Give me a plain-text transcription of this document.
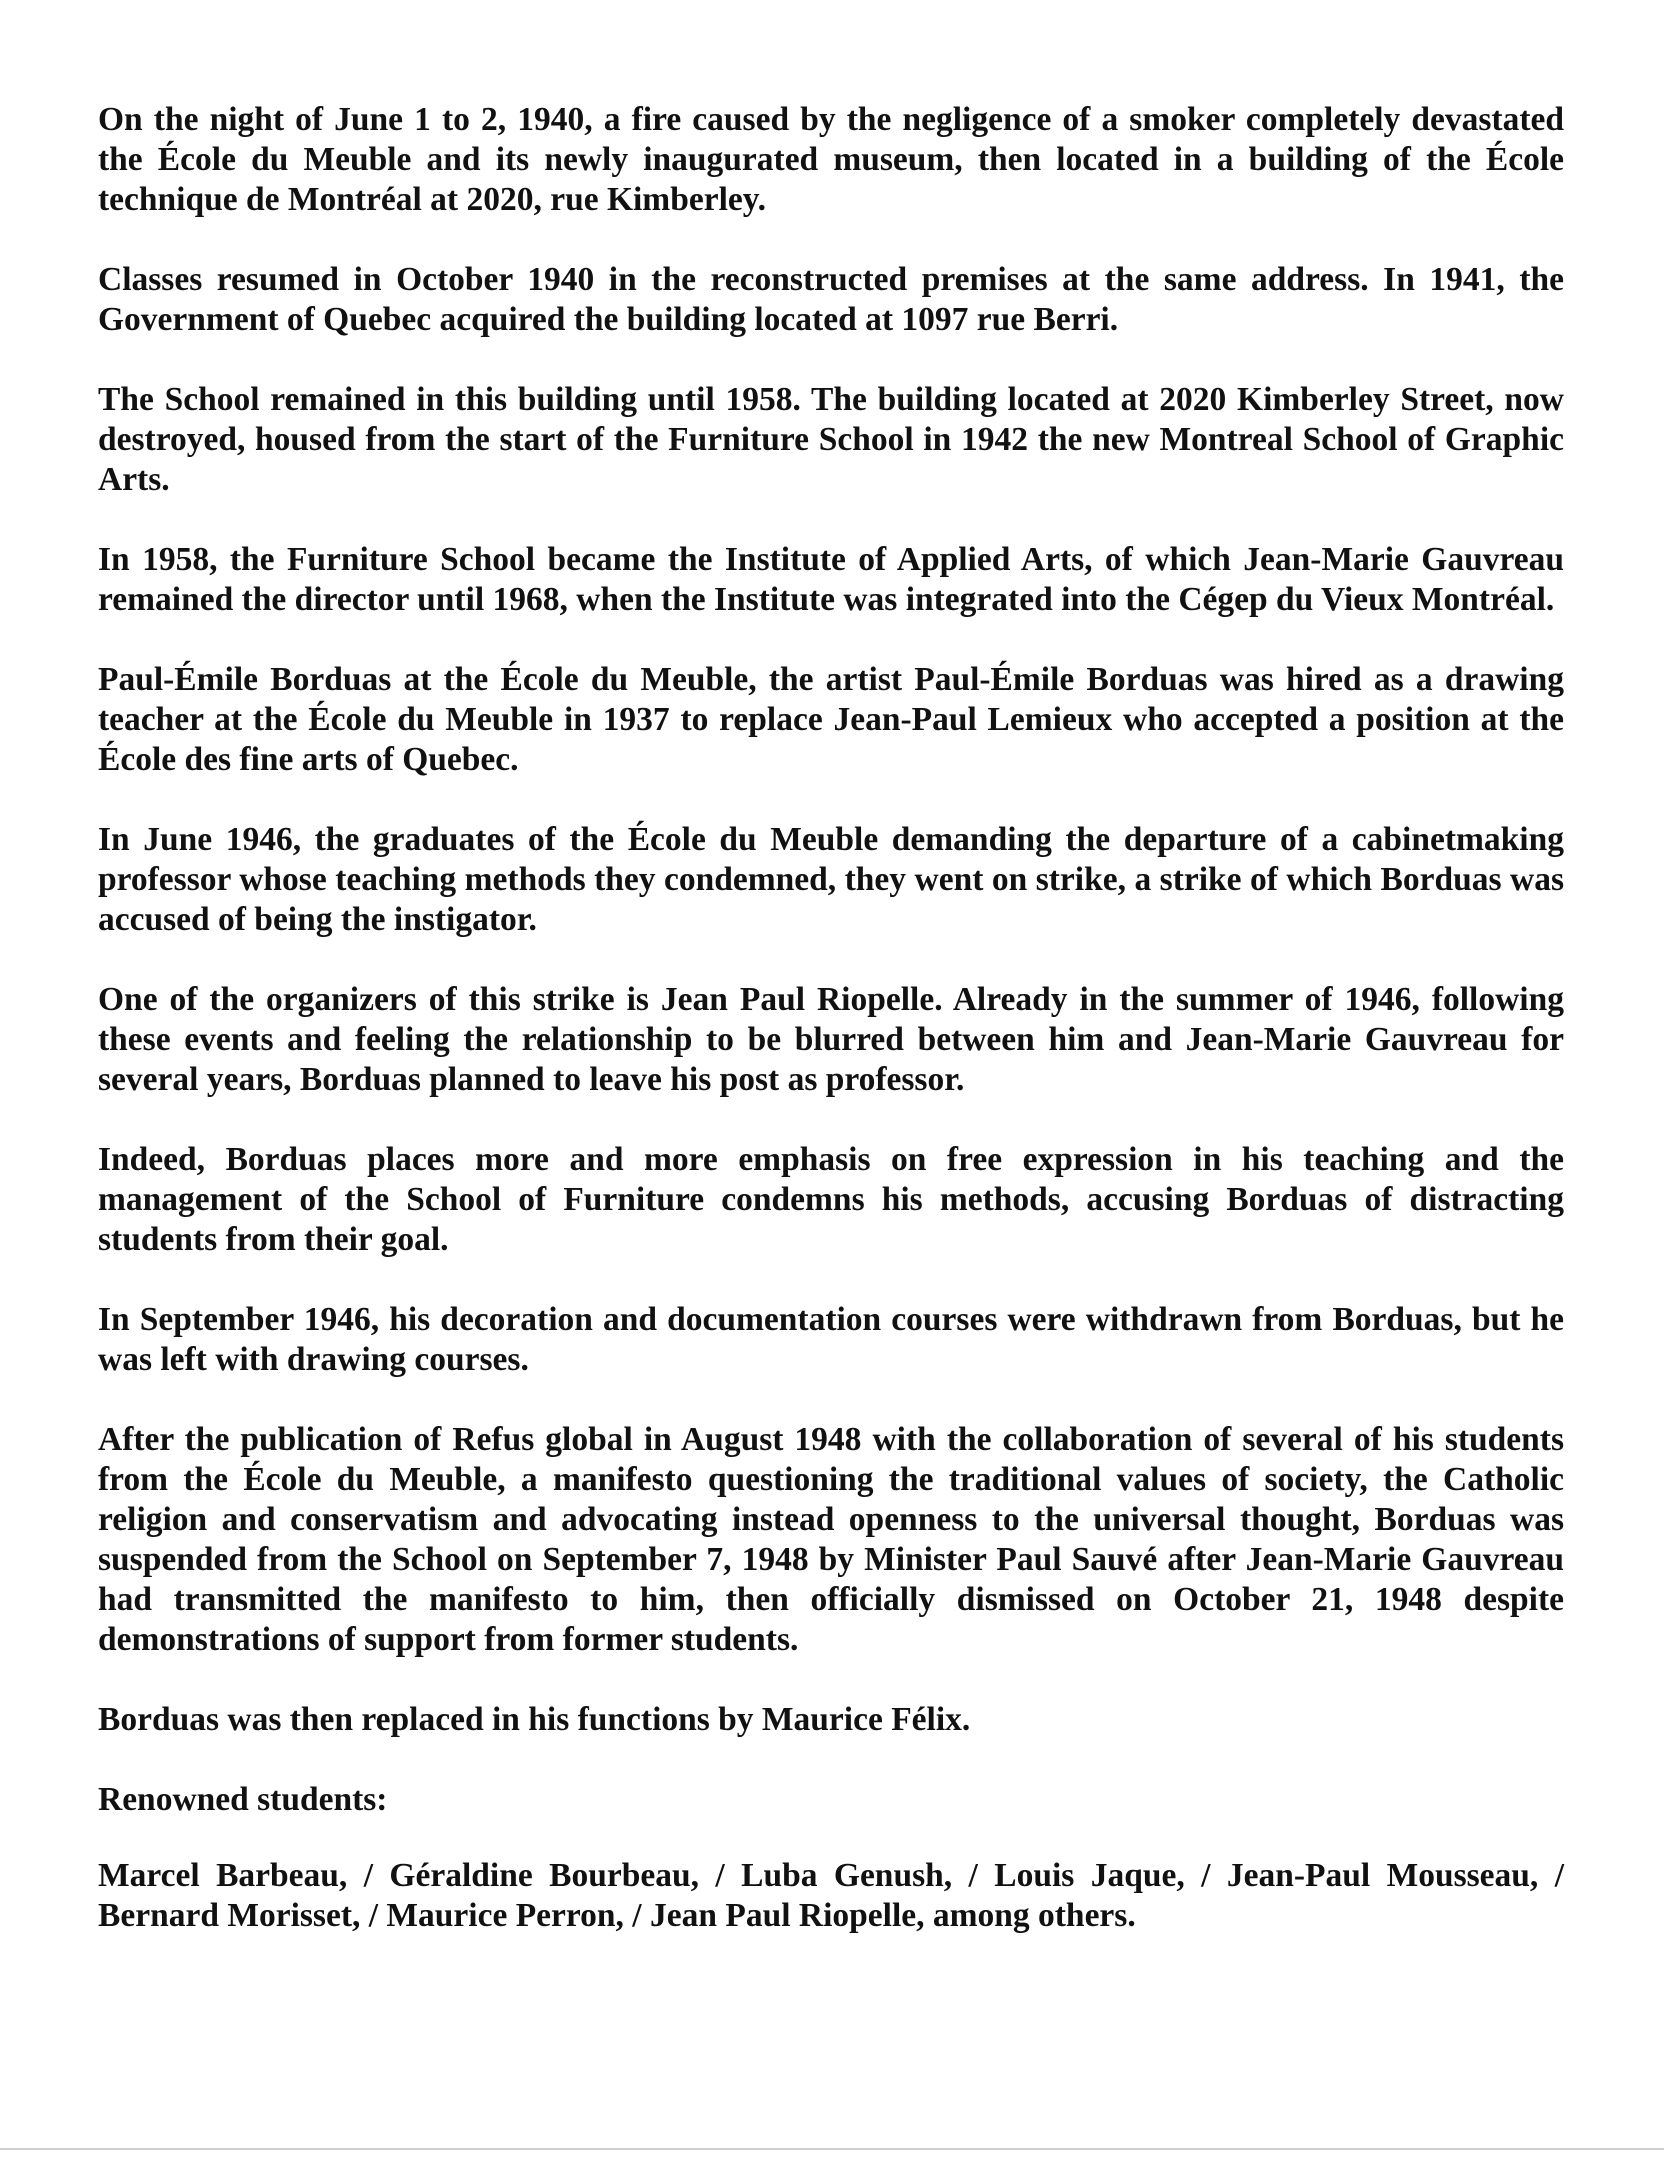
On the night of June 1 to 2, 1940, a fire caused by the negligence of a smoker completely devastated the École du Meuble and its newly inaugurated museum, then located in a building of the École technique de Montréal at 2020, rue Kimberley.

Classes resumed in October 1940 in the reconstructed premises at the same address. In 1941, the Government of Quebec acquired the building located at 1097 rue Berri.

The School remained in this building until 1958. The building located at 2020 Kimberley Street, now destroyed, housed from the start of the Furniture School in 1942 the new Montreal School of Graphic Arts.

In 1958, the Furniture School became the Institute of Applied Arts, of which Jean-Marie Gauvreau remained the director until 1968, when the Institute was integrated into the Cégep du Vieux Montréal.

Paul-Émile Borduas at the École du Meuble, the artist Paul-Émile Borduas was hired as a drawing teacher at the École du Meuble in 1937 to replace Jean-Paul Lemieux who accepted a position at the École des fine arts of Quebec.

In June 1946, the graduates of the École du Meuble demanding the departure of a cabinetmaking professor whose teaching methods they condemned, they went on strike, a strike of which Borduas was accused of being the instigator.

One of the organizers of this strike is Jean Paul Riopelle. Already in the summer of 1946, following these events and feeling the relationship to be blurred between him and Jean-Marie Gauvreau for several years, Borduas planned to leave his post as professor.

Indeed, Borduas places more and more emphasis on free expression in his teaching and the management of the School of Furniture condemns his methods, accusing Borduas of distracting students from their goal.

In September 1946, his decoration and documentation courses were withdrawn from Borduas, but he was left with drawing courses.

After the publication of Refus global in August 1948 with the collaboration of several of his students from the École du Meuble, a manifesto questioning the traditional values of society, the Catholic religion and conservatism and advocating instead openness to the universal thought, Borduas was suspended from the School on September 7, 1948 by Minister Paul Sauvé after Jean-Marie Gauvreau had transmitted the manifesto to him, then officially dismissed on October 21, 1948 despite demonstrations of support from former students.

Borduas was then replaced in his functions by Maurice Félix.

Renowned students:

Marcel Barbeau, / Géraldine Bourbeau, / Luba Genush, / Louis Jaque, / Jean-Paul Mousseau, / Bernard Morisset, / Maurice Perron, / Jean Paul Riopelle, among others.
